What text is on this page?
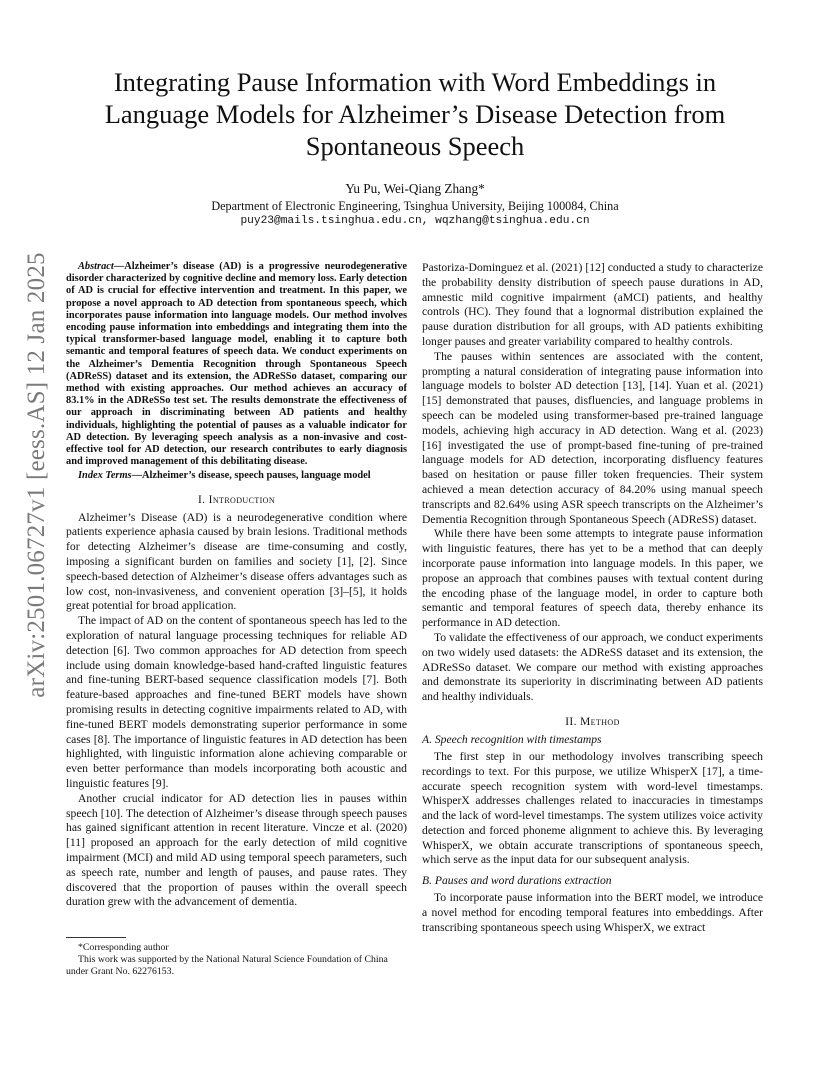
arXiv:2501.06727v1 [eess.AS] 12 Jan 2025
Integrating Pause Information with Word Embeddings in Language Models for Alzheimer’s Disease Detection from Spontaneous Speech
Yu Pu, Wei-Qiang Zhang*
Department of Electronic Engineering, Tsinghua University, Beijing 100084, China
puy23@mails.tsinghua.edu.cn, wqzhang@tsinghua.edu.cn

Abstract—Alzheimer’s disease (AD) is a progressive neurodegenerative disorder characterized by cognitive decline and memory loss. Early detection of AD is crucial for effective intervention and treatment. In this paper, we propose a novel approach to AD detection from spontaneous speech, which incorporates pause information into language models. Our method involves encoding pause information into embeddings and integrating them into the typical transformer-based language model, enabling it to capture both semantic and temporal features of speech data. We conduct experiments on the Alzheimer’s Dementia Recognition through Spontaneous Speech (ADReSS) dataset and its extension, the ADReSSo dataset, comparing our method with existing approaches. Our method achieves an accuracy of 83.1% in the ADReSSo test set. The results demonstrate the effectiveness of our approach in discriminating between AD patients and healthy individuals, highlighting the potential of pauses as a valuable indicator for AD detection. By leveraging speech analysis as a non-invasive and cost-effective tool for AD detection, our research contributes to early diagnosis and improved management of this debilitating disease.

Index Terms—Alzheimer’s disease, speech pauses, language model

I. Introduction

Alzheimer’s Disease (AD) is a neurodegenerative condition where patients experience aphasia caused by brain lesions. Traditional methods for detecting Alzheimer’s disease are time-consuming and costly, imposing a significant burden on families and society [1], [2]. Since speech-based detection of Alzheimer’s disease offers advantages such as low cost, non-invasiveness, and convenient operation [3]–[5], it holds great potential for broad application.

The impact of AD on the content of spontaneous speech has led to the exploration of natural language processing techniques for reliable AD detection [6]. Two common approaches for AD detection from speech include using domain knowledge-based hand-crafted linguistic features and fine-tuning BERT-based sequence classification models [7]. Both feature-based approaches and fine-tuned BERT models have shown promising results in detecting cognitive impairments related to AD, with fine-tuned BERT models demonstrating superior performance in some cases [8]. The importance of linguistic features in AD detection has been highlighted, with linguistic information alone achieving comparable or even better performance than models incorporating both acoustic and linguistic features [9].

Another crucial indicator for AD detection lies in pauses within speech [10]. The detection of Alzheimer’s disease through speech pauses has gained significant attention in recent literature. Vincze et al. (2020) [11] proposed an approach for the early detection of mild cognitive impairment (MCI) and mild AD using temporal speech parameters, such as speech rate, number and length of pauses, and pause rates. They discovered that the proportion of pauses within the overall speech duration grew with the advancement of dementia.

*Corresponding author

This work was supported by the National Natural Science Foundation of China under Grant No. 62276153.

Pastoriza-Dominguez et al. (2021) [12] conducted a study to characterize the probability density distribution of speech pause durations in AD, amnestic mild cognitive impairment (aMCI) patients, and healthy controls (HC). They found that a lognormal distribution explained the pause duration distribution for all groups, with AD patients exhibiting longer pauses and greater variability compared to healthy controls.

The pauses within sentences are associated with the content, prompting a natural consideration of integrating pause information into language models to bolster AD detection [13], [14]. Yuan et al. (2021) [15] demonstrated that pauses, disfluencies, and language problems in speech can be modeled using transformer-based pre-trained language models, achieving high accuracy in AD detection. Wang et al. (2023) [16] investigated the use of prompt-based fine-tuning of pre-trained language models for AD detection, incorporating disfluency features based on hesitation or pause filler token frequencies. Their system achieved a mean detection accuracy of 84.20% using manual speech transcripts and 82.64% using ASR speech transcripts on the Alzheimer’s Dementia Recognition through Spontaneous Speech (ADReSS) dataset.

While there have been some attempts to integrate pause information with linguistic features, there has yet to be a method that can deeply incorporate pause information into language models. In this paper, we propose an approach that combines pauses with textual content during the encoding phase of the language model, in order to capture both semantic and temporal features of speech data, thereby enhance its performance in AD detection.

To validate the effectiveness of our approach, we conduct experiments on two widely used datasets: the ADReSS dataset and its extension, the ADReSSo dataset. We compare our method with existing approaches and demonstrate its superiority in discriminating between AD patients and healthy individuals.

II. Method
A. Speech recognition with timestamps

The first step in our methodology involves transcribing speech recordings to text. For this purpose, we utilize WhisperX [17], a time-accurate speech recognition system with word-level timestamps. WhisperX addresses challenges related to inaccuracies in timestamps and the lack of word-level timestamps. The system utilizes voice activity detection and forced phoneme alignment to achieve this. By leveraging WhisperX, we obtain accurate transcriptions of spontaneous speech, which serve as the input data for our subsequent analysis.

B. Pauses and word durations extraction

To incorporate pause information into the BERT model, we introduce a novel method for encoding temporal features into embeddings. After transcribing spontaneous speech using WhisperX, we extract
